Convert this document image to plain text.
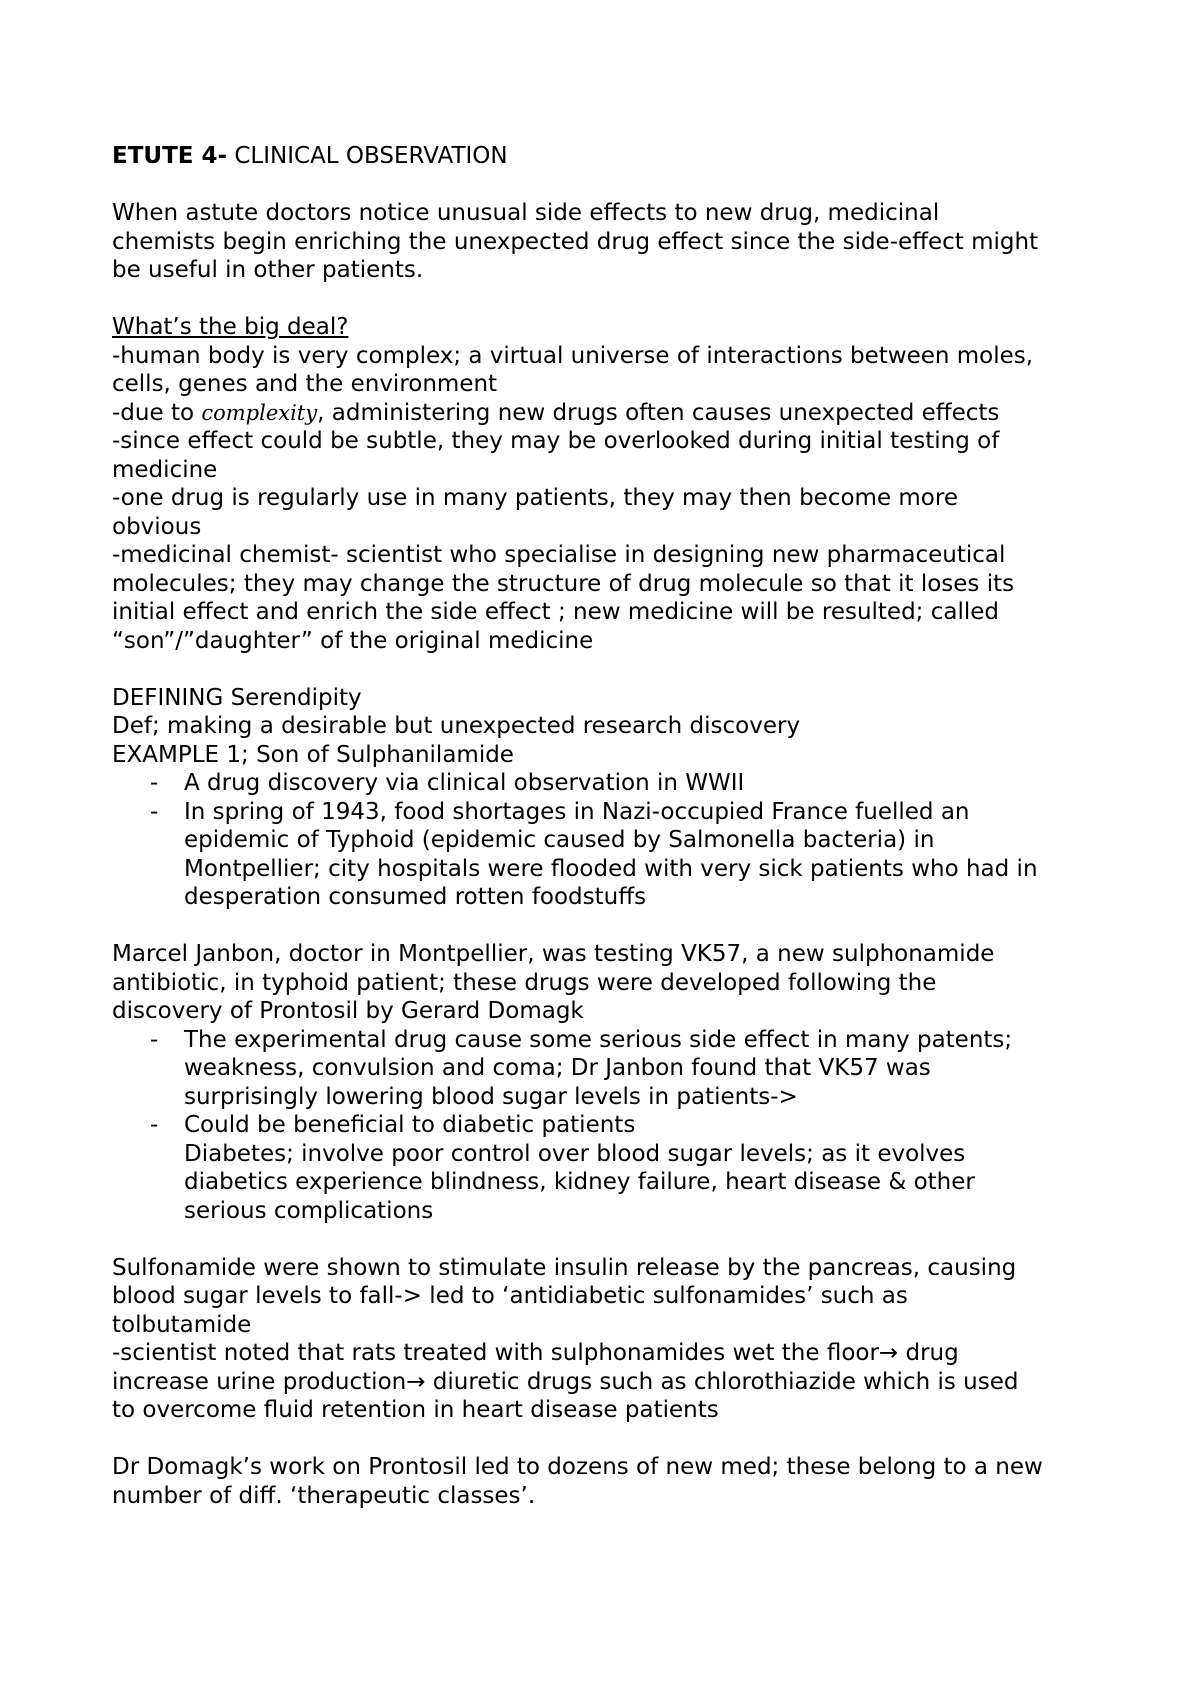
ETUTE 4- CLINICAL OBSERVATION

When astute doctors notice unusual side effects to new drug, medicinal

chemists begin enriching the unexpected drug effect since the side-effect might

be useful in other patients.

What’s the big deal?

-human body is very complex; a virtual universe of interactions between moles,

cells, genes and the environment

-due to complexity, administering new drugs often causes unexpected effects

-since effect could be subtle, they may be overlooked during initial testing of

medicine

-one drug is regularly use in many patients, they may then become more

obvious

-medicinal chemist- scientist who specialise in designing new pharmaceutical

molecules; they may change the structure of drug molecule so that it loses its

initial effect and enrich the side effect ; new medicine will be resulted; called

“son”/”daughter” of the original medicine

DEFINING Serendipity

Def; making a desirable but unexpected research discovery

EXAMPLE 1; Son of Sulphanilamide

- A drug discovery via clinical observation in WWII
- In spring of 1943, food shortages in Nazi-occupied France fuelled an
epidemic of Typhoid (epidemic caused by Salmonella bacteria) in
Montpellier; city hospitals were flooded with very sick patients who had in
desperation consumed rotten foodstuffs

Marcel Janbon, doctor in Montpellier, was testing VK57, a new sulphonamide

antibiotic, in typhoid patient; these drugs were developed following the

discovery of Prontosil by Gerard Domagk

- The experimental drug cause some serious side effect in many patents;
weakness, convulsion and coma; Dr Janbon found that VK57 was
surprisingly lowering blood sugar levels in patients->
- Could be beneficial to diabetic patients
Diabetes; involve poor control over blood sugar levels; as it evolves
diabetics experience blindness, kidney failure, heart disease & other
serious complications

Sulfonamide were shown to stimulate insulin release by the pancreas, causing

blood sugar levels to fall-> led to ‘antidiabetic sulfonamides’ such as

tolbutamide

-scientist noted that rats treated with sulphonamides wet the floor→ drug

increase urine production→ diuretic drugs such as chlorothiazide which is used

to overcome fluid retention in heart disease patients

Dr Domagk’s work on Prontosil led to dozens of new med; these belong to a new

number of diff. ‘therapeutic classes’.
